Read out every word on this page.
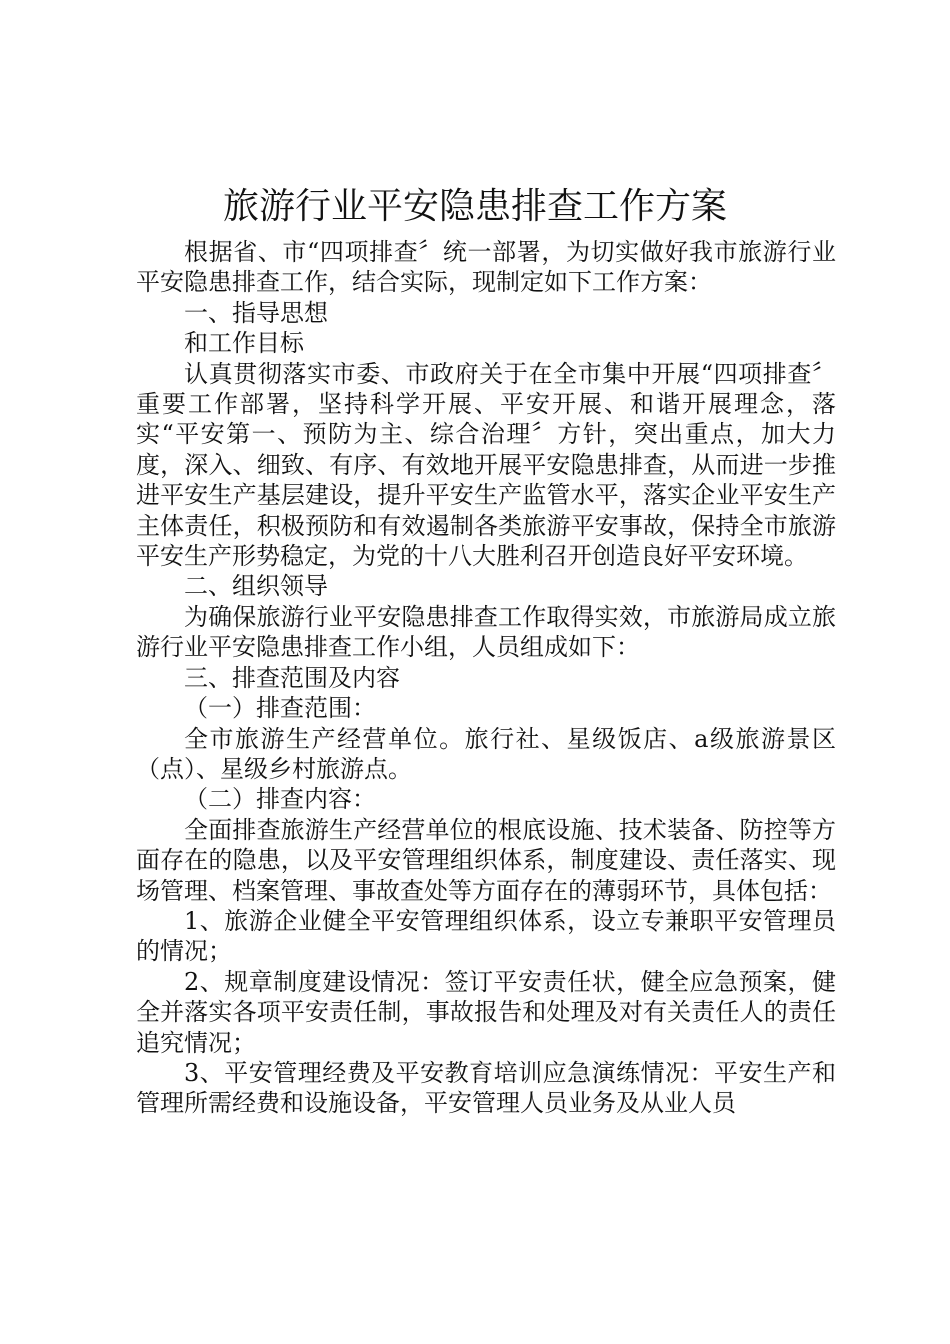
旅游行业平安隐患排查工作方案

根据省、市“四项排查〞统一部署，为切实做好我市旅游行业平安隐患排查工作，结合实际，现制定如下工作方案：

一、指导思想

和工作目标

认真贯彻落实市委、市政府关于在全市集中开展“四项排查〞重要工作部署，坚持科学开展、平安开展、和谐开展理念，落实“平安第一、预防为主、综合治理〞方针，突出重点，加大力度，深入、细致、有序、有效地开展平安隐患排查，从而进一步推进平安生产基层建设，提升平安生产监管水平，落实企业平安生产主体责任，积极预防和有效遏制各类旅游平安事故，保持全市旅游平安生产形势稳定，为党的十八大胜利召开创造良好平安环境。

二、组织领导

为确保旅游行业平安隐患排查工作取得实效，市旅游局成立旅游行业平安隐患排查工作小组，人员组成如下：

三、排查范围及内容

（一）排查范围：

全市旅游生产经营单位。旅行社、星级饭店、a级旅游景区（点）、星级乡村旅游点。

（二）排查内容：

全面排查旅游生产经营单位的根底设施、技术装备、防控等方面存在的隐患，以及平安管理组织体系，制度建设、责任落实、现场管理、档案管理、事故查处等方面存在的薄弱环节，具体包括：

1、旅游企业健全平安管理组织体系，设立专兼职平安管理员的情况；

2、规章制度建设情况：签订平安责任状，健全应急预案，健全并落实各项平安责任制，事故报告和处理及对有关责任人的责任追究情况；

3、平安管理经费及平安教育培训应急演练情况：平安生产和管理所需经费和设施设备，平安管理人员业务及从业人员
